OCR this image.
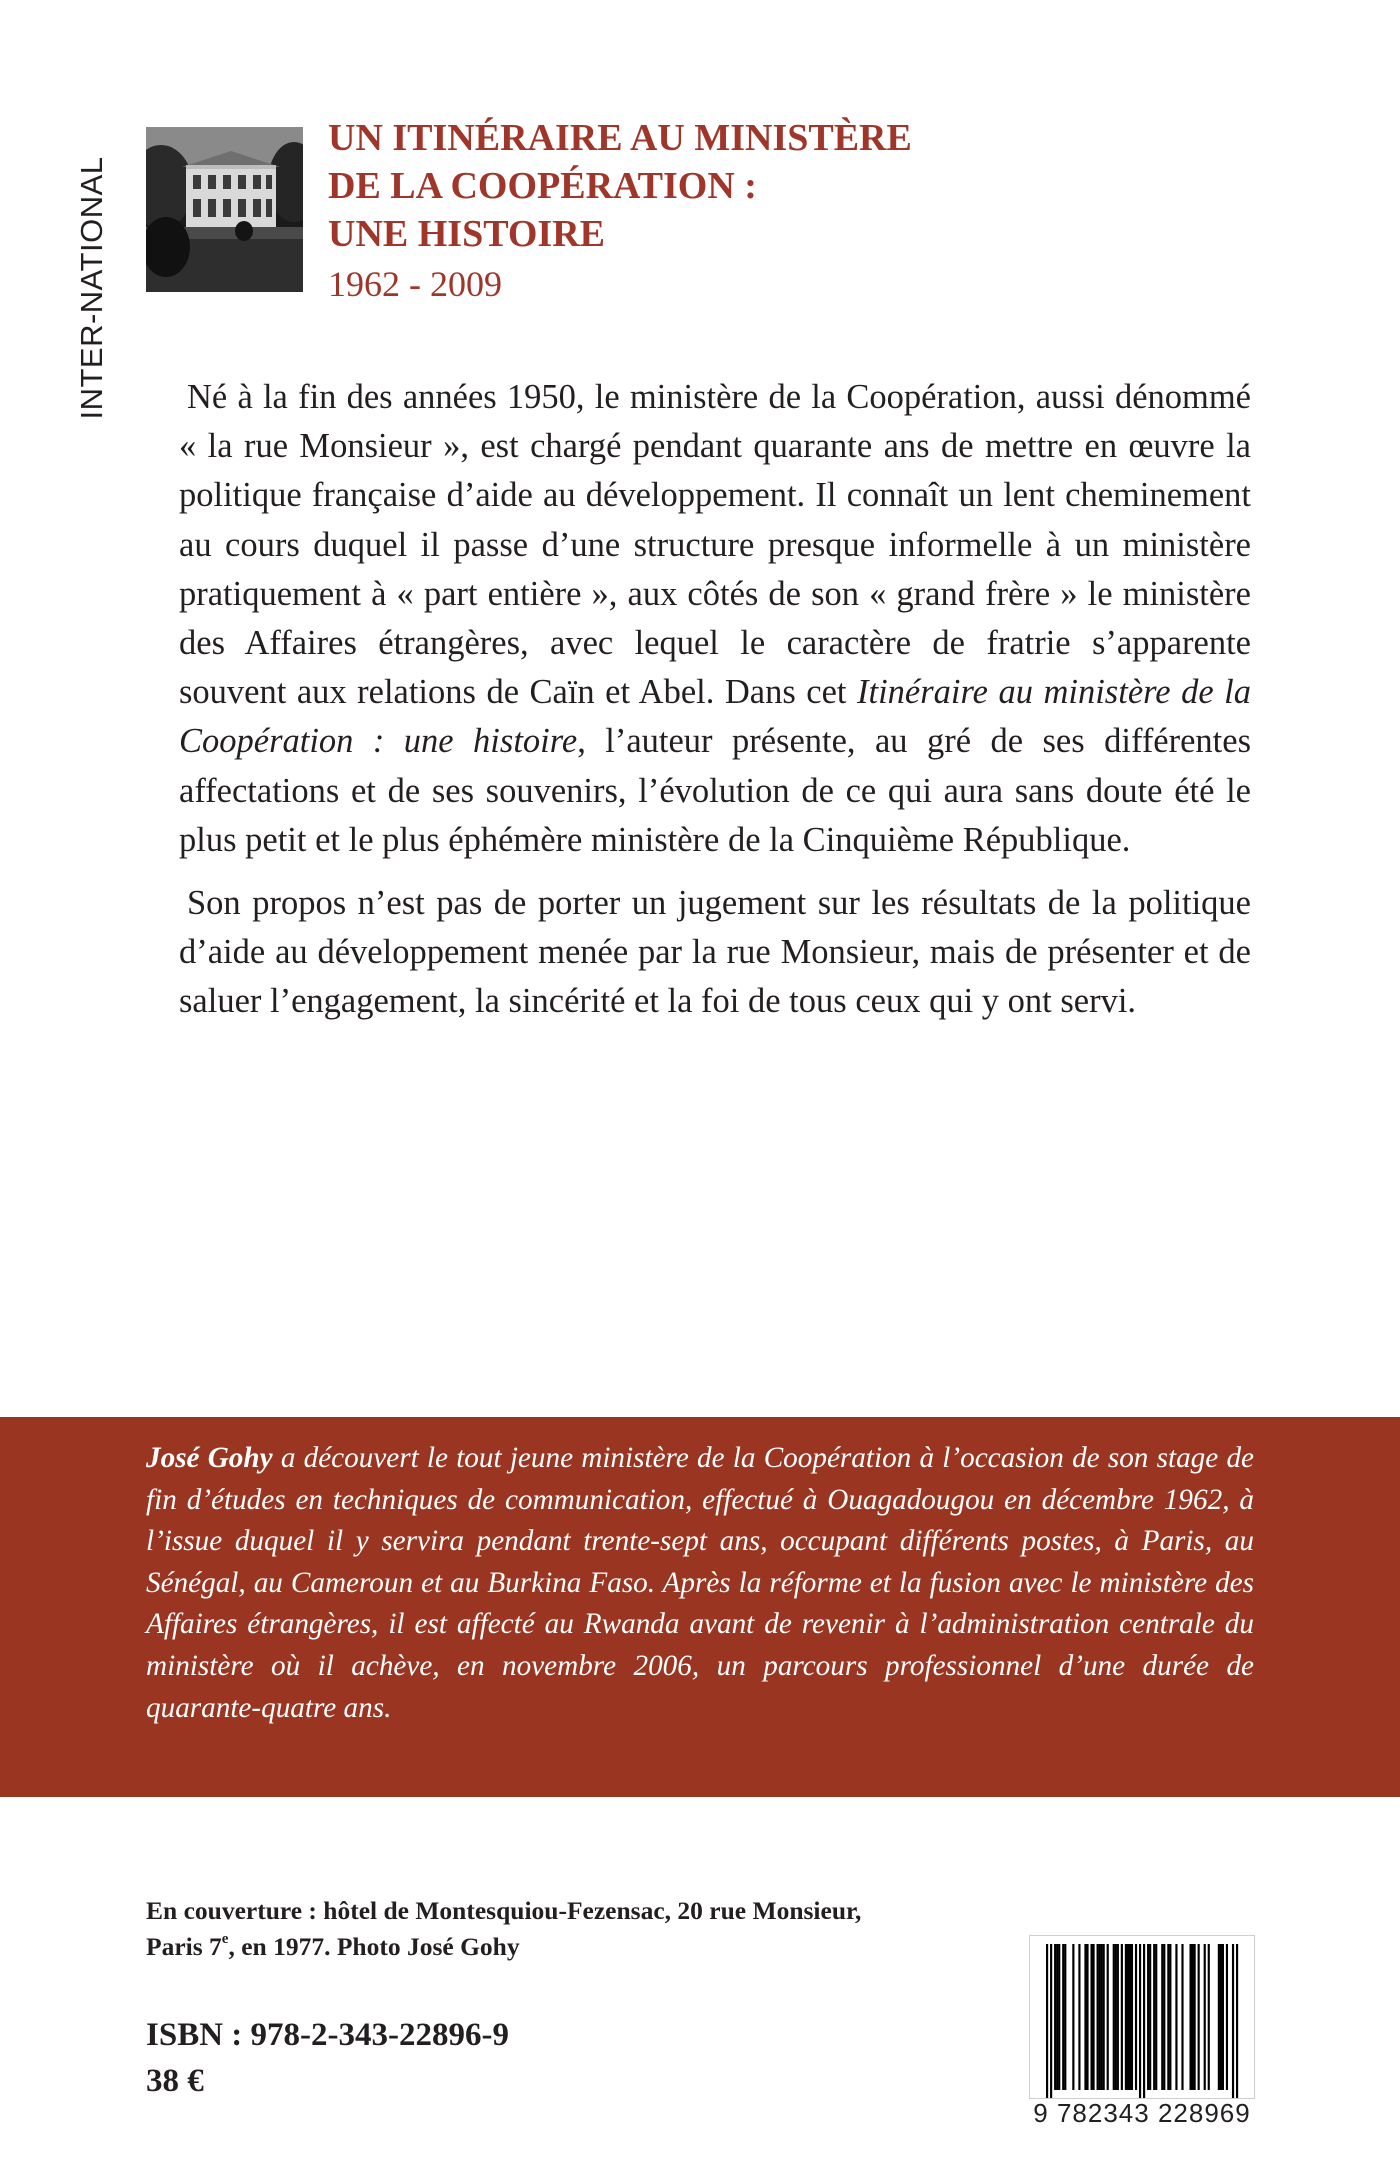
INTER-NATIONAL
UN ITINÉRAIRE AU MINISTÈRE
DE LA COOPÉRATION :
UNE HISTOIRE
1962 - 2009

Né à la fin des années 1950, le ministère de la Coopération, aussi dénommé « la rue Monsieur », est chargé pendant quarante ans de mettre en œuvre la politique française d’aide au développement. Il connaît un lent cheminement au cours duquel il passe d’une structure presque informelle à un ministère pratiquement à « part entière », aux côtés de son « grand frère » le ministère des Affaires étrangères, avec lequel le caractère de fratrie s’apparente souvent aux relations de Caïn et Abel. Dans cet Itinéraire au ministère de la Coopération : une histoire, l’auteur présente, au gré de ses différentes affectations et de ses souvenirs, l’évolution de ce qui aura sans doute été le plus petit et le plus éphémère ministère de la Cinquième République.

Son propos n’est pas de porter un jugement sur les résultats de la politique d’aide au développement menée par la rue Monsieur, mais de présenter et de saluer l’engagement, la sincérité et la foi de tous ceux qui y ont servi.

José Gohy a découvert le tout jeune ministère de la Coopération à l’occasion de son stage de fin d’études en techniques de communication, effectué à Ouagadougou en décembre 1962, à l’issue duquel il y servira pendant trente-sept ans, occupant différents postes, à Paris, au Sénégal, au Cameroun et au Burkina Faso. Après la réforme et la fusion avec le ministère des Affaires étrangères, il est affecté au Rwanda avant de revenir à l’administration centrale du ministère où il achève, en novembre 2006, un parcours professionnel d’une durée de quarante-quatre ans.
En couverture : hôtel de Montesquiou-Fezensac, 20 rue Monsieur,
Paris 7e, en 1977. Photo José Gohy
ISBN : 978-2-343-22896-9
38 €
9 782343 228969
